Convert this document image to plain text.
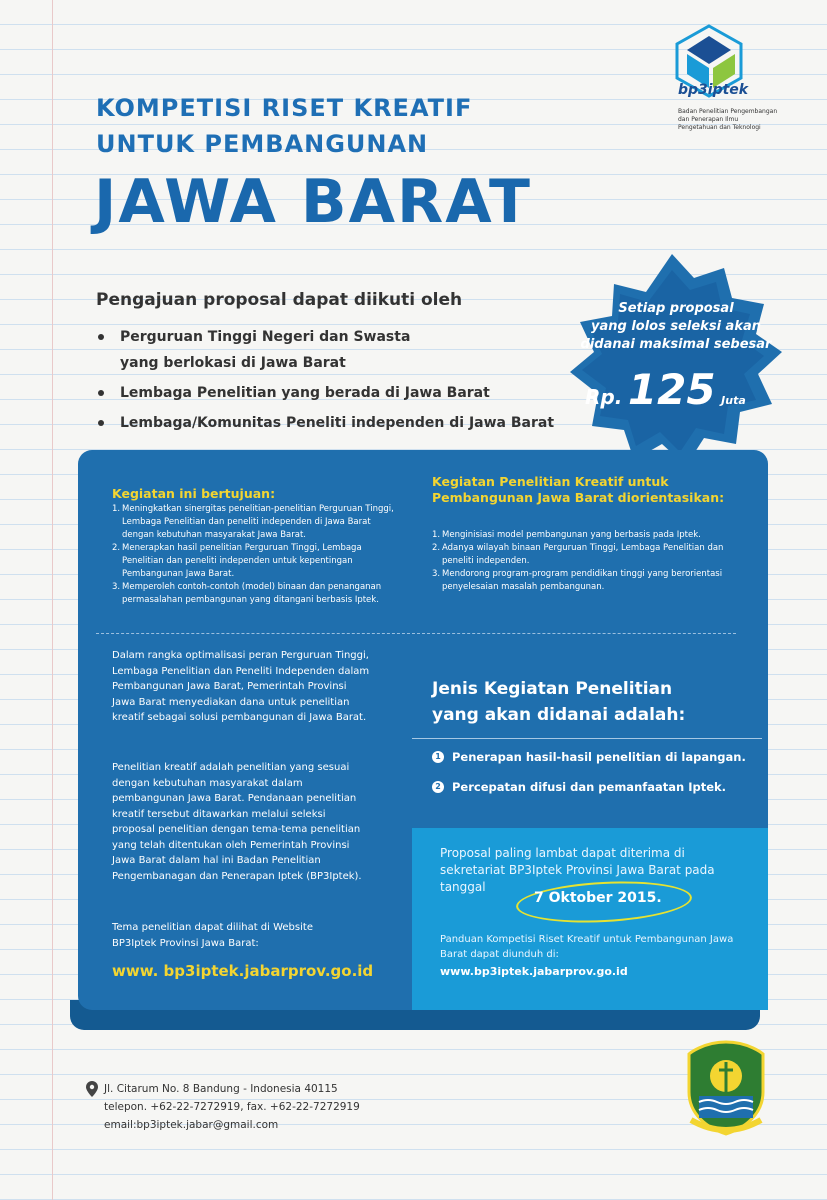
bp3iptek
Badan Penelitian Pengembangan dan Penerapan Ilmu Pengetahuan dan Teknologi
KOMPETISI RISET KREATIF
UNTUK PEMBANGUNAN
JAWA BARAT
Pengajuan proposal dapat diikuti oleh
Perguruan Tinggi Negeri dan Swasta
yang berlokasi di Jawa Barat
Lembaga Penelitian yang berada di Jawa Barat
Lembaga/Komunitas Peneliti independen di Jawa Barat
Setiap proposal
yang lolos seleksi akan
didanai maksimal sebesar
Rp. 125 Juta
Kegiatan ini bertujuan:
1. Meningkatkan sinergitas penelitian-penelitian Perguruan Tinggi, Lembaga Penelitian dan peneliti independen di Jawa Barat dengan kebutuhan masyarakat Jawa Barat.
2. Menerapkan hasil penelitian Perguruan Tinggi, Lembaga Penelitian dan peneliti independen untuk kepentingan Pembangunan Jawa Barat.
3. Memperoleh contoh-contoh (model) binaan dan penanganan permasalahan pembangunan yang ditangani berbasis Iptek.
Kegiatan Penelitian Kreatif untuk
Pembangunan Jawa Barat diorientasikan:
1. Menginisiasi model pembangunan yang berbasis pada Iptek.
2. Adanya wilayah binaan Perguruan Tinggi, Lembaga Penelitian dan peneliti independen.
3. Mendorong program-program pendidikan tinggi yang berorientasi penyelesaian masalah pembangunan.
Dalam rangka optimalisasi peran Perguruan Tinggi, Lembaga Penelitian dan Peneliti Independen dalam Pembangunan Jawa Barat, Pemerintah Provinsi Jawa Barat menyediakan dana untuk penelitian kreatif sebagai solusi pembangunan di Jawa Barat.
Penelitian kreatif adalah penelitian yang sesuai dengan kebutuhan masyarakat dalam pembangunan Jawa Barat. Pendanaan penelitian kreatif tersebut ditawarkan melalui seleksi proposal penelitian dengan tema-tema penelitian yang telah ditentukan oleh Pemerintah Provinsi Jawa Barat dalam hal ini Badan Penelitian Pengembanagan dan Penerapan Iptek (BP3Iptek).
Tema penelitian dapat dilihat di Website BP3Iptek Provinsi Jawa Barat:
www. bp3iptek.jabarprov.go.id
Jenis Kegiatan Penelitian
yang akan didanai adalah:
1 Penerapan hasil-hasil penelitian di lapangan.
2 Percepatan difusi dan pemanfaatan Iptek.
Proposal paling lambat dapat diterima di sekretariat BP3Iptek Provinsi Jawa Barat pada tanggal
7 Oktober 2015.
Panduan Kompetisi Riset Kreatif untuk Pembangunan Jawa Barat dapat diunduh di:
www.bp3iptek.jabarprov.go.id
Jl. Citarum No. 8 Bandung - Indonesia 40115
telepon. +62-22-7272919, fax. +62-22-7272919
email:bp3iptek.jabar@gmail.com
